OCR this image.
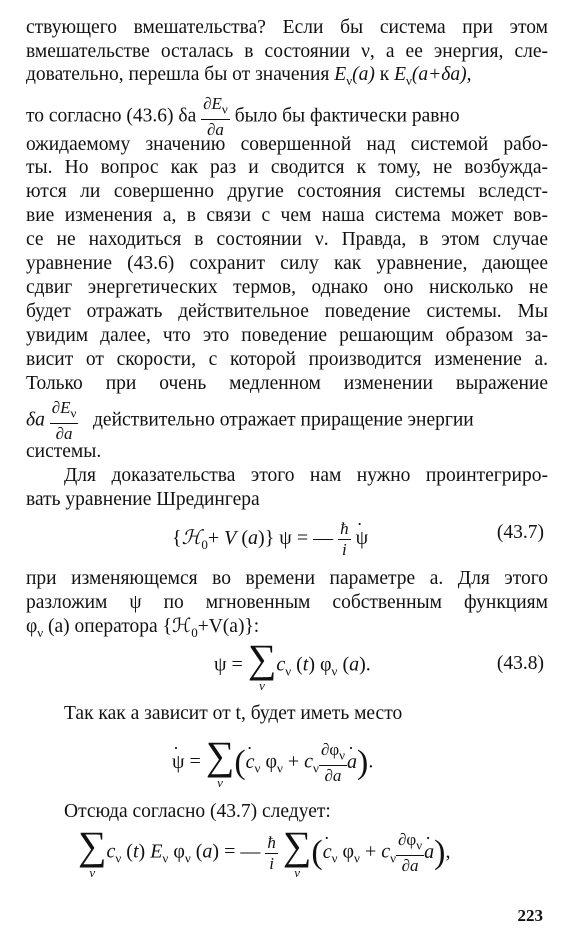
ствующего вмешательства? Если бы система при этом
вмешательстве осталась в состоянии ν, а ее энергия, сле-
довательно, перешла бы от значения $E_\nu(a)$ к $E_\nu(a+\delta a)$,
то согласно (43.6) δa $\frac{\partial E_\nu}{\partial a}$ было бы фактически равно
ожидаемому значению совершенной над системой рабо-
ты. Но вопрос как раз и сводится к тому, не возбужда-
ются ли совершенно другие состояния системы вследст-
вие изменения a, в связи с чем наша система может вов-
се не находиться в состоянии ν. Правда, в этом случае
уравнение (43.6) сохранит силу как уравнение, дающее
сдвиг энергетических термов, однако оно нисколько не
будет отражать действительное поведение системы. Мы
увидим далее, что это поведение решающим образом за-
висит от скорости, с которой производится изменение a.
Только при очень медленном изменении выражение
δa $\frac{\partial E_\nu}{\partial a}$ действительно отражает приращение энергии
системы.
Для доказательства этого нам нужно проинтегриро-
вать уравнение Шредингера
{ℋ$_0$+ V (a)} ψ = — $\frac{ħ}{i}$
· ψ	(43.7)
при изменяющемся во времени параметре a. Для этого
разложим ψ по мгновенным собственным функциям
$\varphi_\nu$ (a) оператора {ℋ$_0$+V(a)}:
ψ = ∑
ν
$c_\nu$ (t) $\varphi_\nu$ (a).	(43.8)
Так как a зависит от t, будет иметь место
· ψ = ∑
ν
(· $c_\nu$ $\varphi_\nu + c_\nu \frac{\partial\varphi_\nu}{\partial a}$
· a).
Отсюда согласно (43.7) следует:
∑
ν
$c_\nu$ (t) $E_\nu$ $\varphi_\nu$ (a) = — $\frac{ħ}{i}$ ∑
ν
(· $c_\nu$ $\varphi_\nu + c_\nu \frac{\partial\varphi_\nu}{\partial a}$
· a),
223
